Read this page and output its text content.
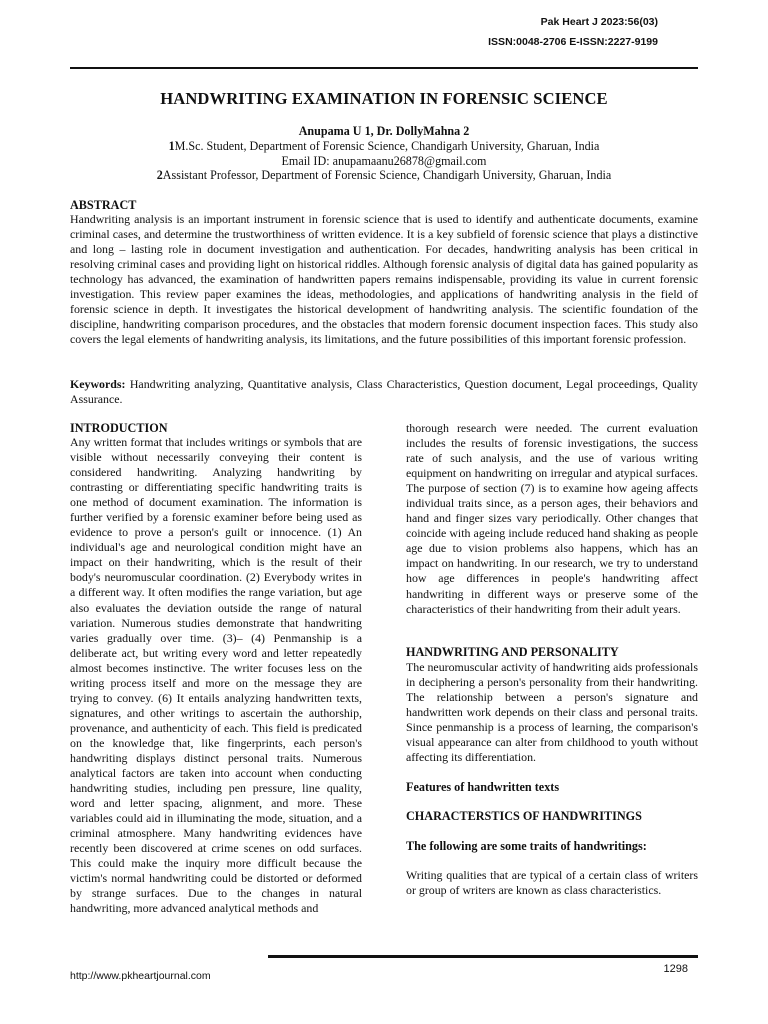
Pak Heart J 2023:56(03)
ISSN:0048-2706 E-ISSN:2227-9199
HANDWRITING EXAMINATION IN FORENSIC SCIENCE
Anupama U 1, Dr. DollyMahna 2
1M.Sc. Student, Department of Forensic Science, Chandigarh University, Gharuan, India
Email ID: anupamaanu26878@gmail.com
2Assistant Professor, Department of Forensic Science, Chandigarh University, Gharuan, India
ABSTRACT
Handwriting analysis is an important instrument in forensic science that is used to identify and authenticate documents, examine criminal cases, and determine the trustworthiness of written evidence. It is a key subfield of forensic science that plays a distinctive and long – lasting role in document investigation and authentication. For decades, handwriting analysis has been critical in resolving criminal cases and providing light on historical riddles. Although forensic analysis of digital data has gained popularity as technology has advanced, the examination of handwritten papers remains indispensable, providing its value in current forensic investigation. This review paper examines the ideas, methodologies, and applications of handwriting analysis in the field of forensic science in depth. It investigates the historical development of handwriting analysis. The scientific foundation of the discipline, handwriting comparison procedures, and the obstacles that modern forensic document inspection faces. This study also covers the legal elements of handwriting analysis, its limitations, and the future possibilities of this important forensic profession.
Keywords: Handwriting analyzing, Quantitative analysis, Class Characteristics, Question document, Legal proceedings, Quality Assurance.
INTRODUCTION
Any written format that includes writings or symbols that are visible without necessarily conveying their content is considered handwriting. Analyzing handwriting by contrasting or differentiating specific handwriting traits is one method of document examination. The information is further verified by a forensic examiner before being used as evidence to prove a person's guilt or innocence. (1) An individual's age and neurological condition might have an impact on their handwriting, which is the result of their body's neuromuscular coordination. (2) Everybody writes in a different way. It often modifies the range variation, but age also evaluates the deviation outside the range of natural variation. Numerous studies demonstrate that handwriting varies gradually over time. (3)– (4) Penmanship is a deliberate act, but writing every word and letter repeatedly almost becomes instinctive. The writer focuses less on the writing process itself and more on the message they are trying to convey. (6) It entails analyzing handwritten texts, signatures, and other writings to ascertain the authorship, provenance, and authenticity of each. This field is predicated on the knowledge that, like fingerprints, each person's handwriting displays distinct personal traits. Numerous analytical factors are taken into account when conducting handwriting studies, including pen pressure, line quality, word and letter spacing, alignment, and more. These variables could aid in illuminating the mode, situation, and a criminal atmosphere. Many handwriting evidences have recently been discovered at crime scenes on odd surfaces. This could make the inquiry more difficult because the victim's normal handwriting could be distorted or deformed by strange surfaces. Due to the changes in natural handwriting, more advanced analytical methods and
thorough research were needed. The current evaluation includes the results of forensic investigations, the success rate of such analysis, and the use of various writing equipment on handwriting on irregular and atypical surfaces. The purpose of section (7) is to examine how ageing affects individual traits since, as a person ages, their behaviors and hand and finger sizes vary periodically. Other changes that coincide with ageing include reduced hand shaking as people age due to vision problems also happens, which has an impact on handwriting. In our research, we try to understand how age differences in people's handwriting affect handwriting in different ways or preserve some of the characteristics of their handwriting from their adult years.
HANDWRITING AND PERSONALITY
The neuromuscular activity of handwriting aids professionals in deciphering a person's personality from their handwriting. The relationship between a person's signature and handwritten work depends on their class and personal traits. Since penmanship is a process of learning, the comparison's visual appearance can alter from childhood to youth without affecting its differentiation.
Features of handwritten texts
CHARACTERSTICS OF HANDWRITINGS
The following are some traits of handwritings:
Writing qualities that are typical of a certain class of writers or group of writers are known as class characteristics.
http://www.pkheartjournal.com
1298
